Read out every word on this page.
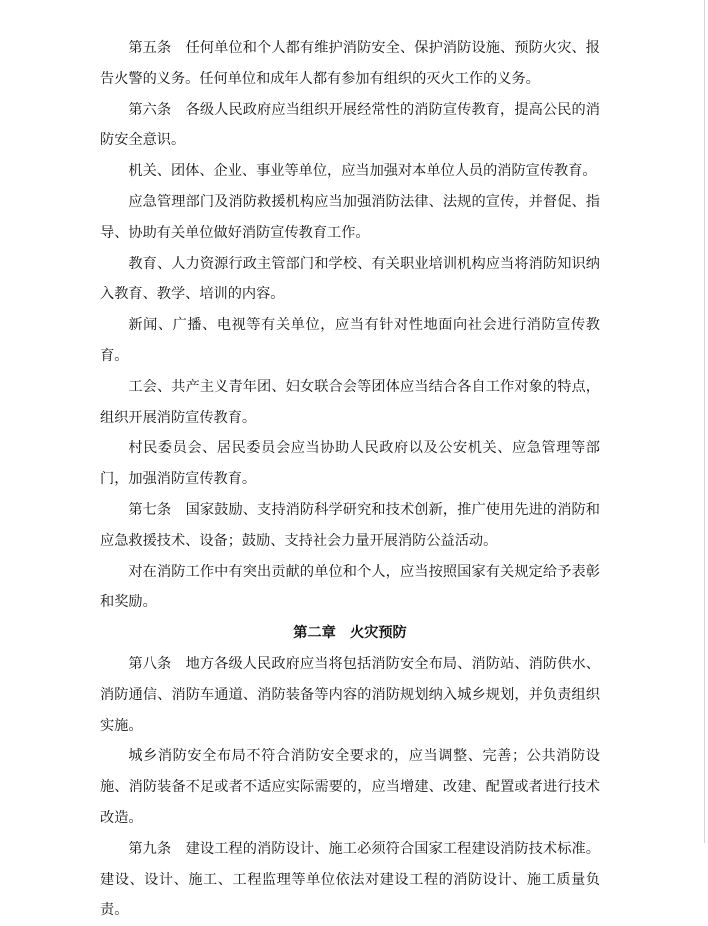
第五条　任何单位和个人都有维护消防安全、保护消防设施、预防火灾、报告火警的义务。任何单位和成年人都有参加有组织的灭火工作的义务。

第六条　各级人民政府应当组织开展经常性的消防宣传教育，提高公民的消防安全意识。

机关、团体、企业、事业等单位，应当加强对本单位人员的消防宣传教育。

应急管理部门及消防救援机构应当加强消防法律、法规的宣传，并督促、指导、协助有关单位做好消防宣传教育工作。

教育、人力资源行政主管部门和学校、有关职业培训机构应当将消防知识纳入教育、教学、培训的内容。

新闻、广播、电视等有关单位，应当有针对性地面向社会进行消防宣传教育。

工会、共产主义青年团、妇女联合会等团体应当结合各自工作对象的特点，组织开展消防宣传教育。

村民委员会、居民委员会应当协助人民政府以及公安机关、应急管理等部门，加强消防宣传教育。

第七条　国家鼓励、支持消防科学研究和技术创新，推广使用先进的消防和应急救援技术、设备；鼓励、支持社会力量开展消防公益活动。

对在消防工作中有突出贡献的单位和个人，应当按照国家有关规定给予表彰和奖励。

第二章　火灾预防

第八条　地方各级人民政府应当将包括消防安全布局、消防站、消防供水、消防通信、消防车通道、消防装备等内容的消防规划纳入城乡规划，并负责组织实施。

城乡消防安全布局不符合消防安全要求的，应当调整、完善；公共消防设施、消防装备不足或者不适应实际需要的，应当增建、改建、配置或者进行技术改造。

第九条　建设工程的消防设计、施工必须符合国家工程建设消防技术标准。建设、设计、施工、工程监理等单位依法对建设工程的消防设计、施工质量负责。
